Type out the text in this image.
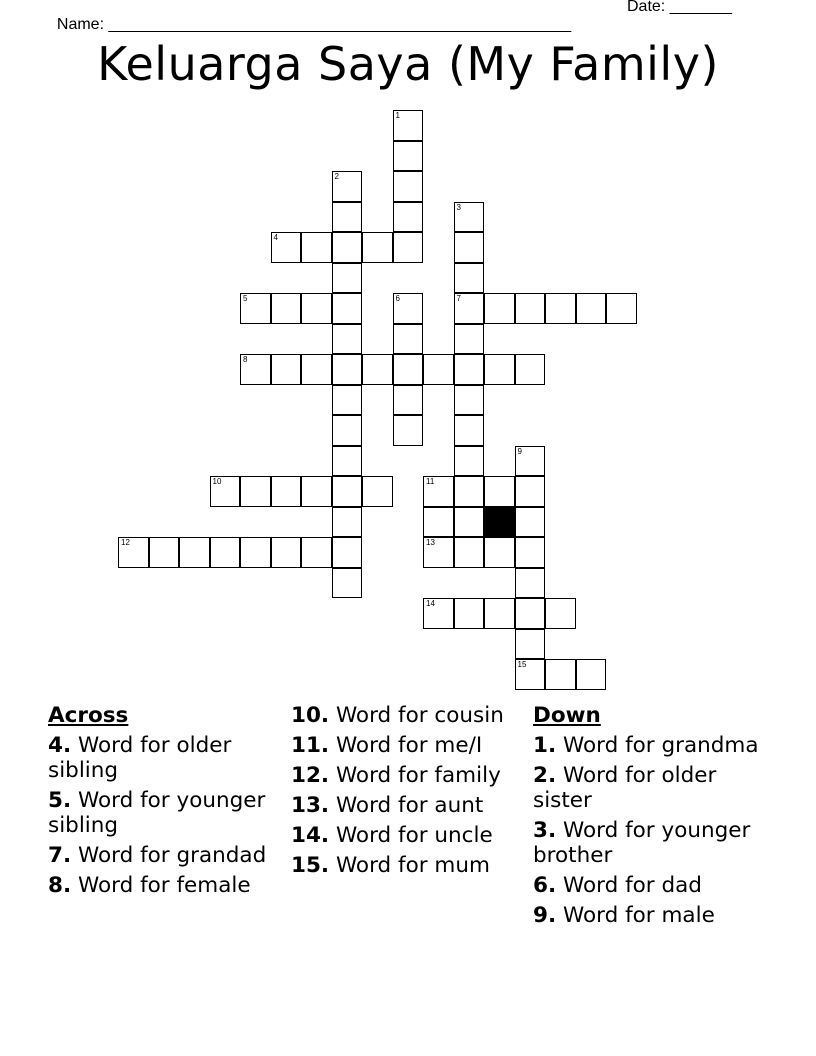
Name: ____________________________________________________

Date: _______

Keluarga Saya (My Family)
1
2
3
7
4
5	6
8
9
15
10	11
12	13
14
Across
4. Word for older sibling
5. Word for younger sibling
7. Word for grandad
8. Word for female
10. Word for cousin
11. Word for me/I
12. Word for family
13. Word for aunt
14. Word for uncle
15. Word for mum
Down
1. Word for grandma
2. Word for older sister
3. Word for younger brother
6. Word for dad
9. Word for male
